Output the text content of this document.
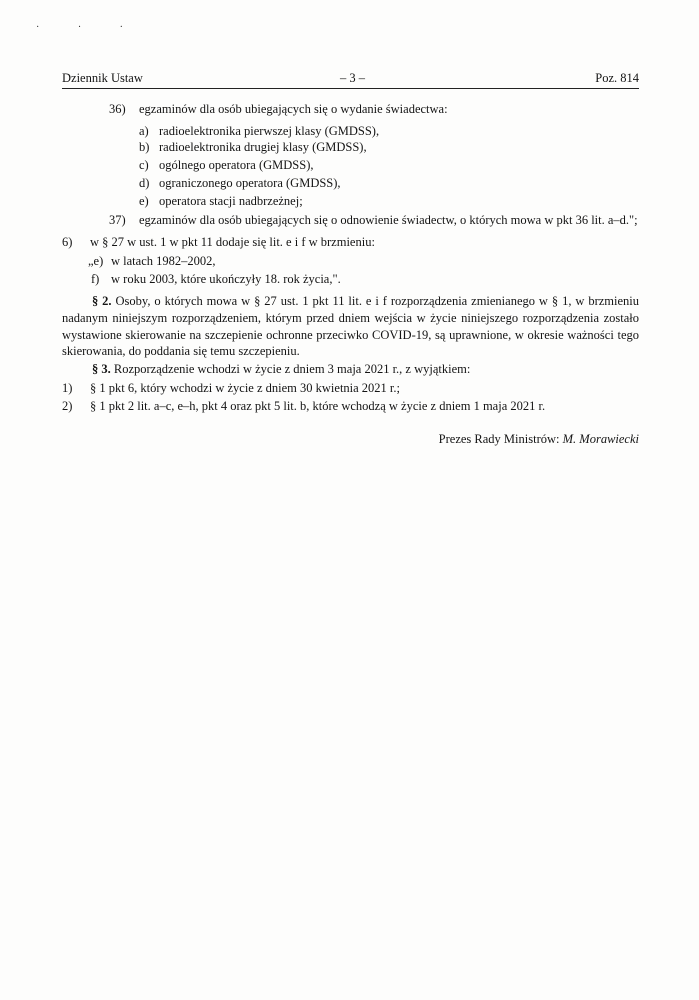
· · ·
Dziennik Ustaw	– 3 –	Poz. 814
36) egzaminów dla osób ubiegających się o wydanie świadectwa:
a) radioelektronika pierwszej klasy (GMDSS),
b) radioelektronika drugiej klasy (GMDSS),
c) ogólnego operatora (GMDSS),
d) ograniczonego operatora (GMDSS),
e) operatora stacji nadbrzeżnej;
37) egzaminów dla osób ubiegających się o odnowienie świadectw, o których mowa w pkt 36 lit. a–d.";
6) w § 27 w ust. 1 w pkt 11 dodaje się lit. e i f w brzmieniu:
„e) w latach 1982–2002,
f) w roku 2003, które ukończyły 18. rok życia,".
§ 2. Osoby, o których mowa w § 27 ust. 1 pkt 11 lit. e i f rozporządzenia zmienianego w § 1, w brzmieniu nadanym niniejszym rozporządzeniem, którym przed dniem wejścia w życie niniejszego rozporządzenia zostało wystawione skierowanie na szczepienie ochronne przeciwko COVID-19, są uprawnione, w okresie ważności tego skierowania, do poddania się temu szczepieniu.
§ 3. Rozporządzenie wchodzi w życie z dniem 3 maja 2021 r., z wyjątkiem:
1) § 1 pkt 6, który wchodzi w życie z dniem 30 kwietnia 2021 r.;
2) § 1 pkt 2 lit. a–c, e–h, pkt 4 oraz pkt 5 lit. b, które wchodzą w życie z dniem 1 maja 2021 r.
Prezes Rady Ministrów: M. Morawiecki
